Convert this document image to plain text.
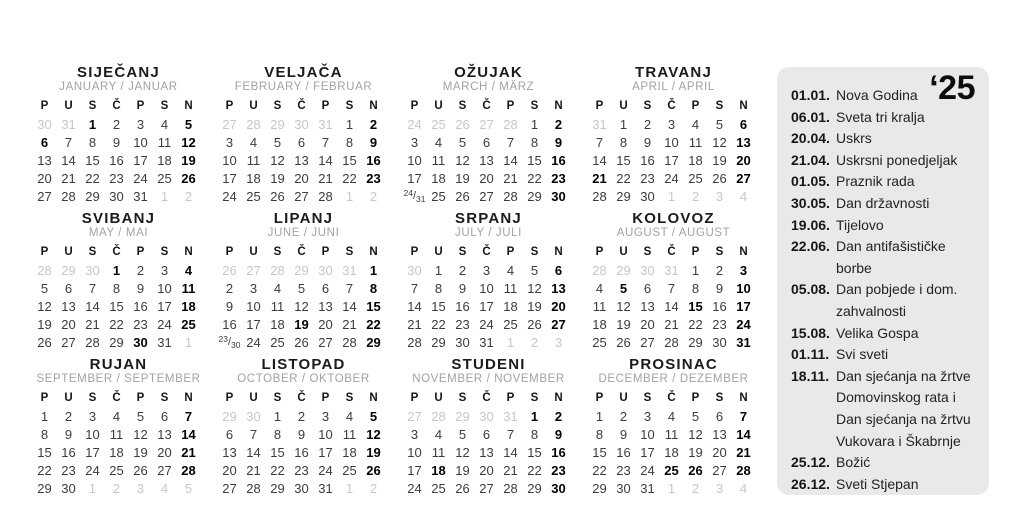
SIJEČANJ
JANUARY / JANUAR
P U S Č P S N
30 31 1 2 3 4 5
6 7 8 9 10 11 12
13 14 15 16 17 18 19
20 21 22 23 24 25 26
27 28 29 30 31 1 2
VELJAČA
FEBRUARY / FEBRUAR
P U S Č P S N
27 28 29 30 31 1 2
3 4 5 6 7 8 9
10 11 12 13 14 15 16
17 18 19 20 21 22 23
24 25 26 27 28 1 2
OŽUJAK
MARCH / MÄRZ
P U S Č P S N
24 25 26 27 28 1 2
3 4 5 6 7 8 9
10 11 12 13 14 15 16
17 18 19 20 21 22 23
$^{24}/_{31}$ 25 26 27 28 29 30
TRAVANJ
APRIL / APRIL
P U S Č P S N
31 1 2 3 4 5 6
7 8 9 10 11 12 13
14 15 16 17 18 19 20
21 22 23 24 25 26 27
28 29 30 1 2 3 4
SVIBANJ
MAY / MAI
P U S Č P S N
28 29 30 1 2 3 4
5 6 7 8 9 10 11
12 13 14 15 16 17 18
19 20 21 22 23 24 25
26 27 28 29 30 31 1
LIPANJ
JUNE / JUNI
P U S Č P S N
26 27 28 29 30 31 1
2 3 4 5 6 7 8
9 10 11 12 13 14 15
16 17 18 19 20 21 22
$^{23}/_{30}$ 24 25 26 27 28 29
SRPANJ
JULY / JULI
P U S Č P S N
30 1 2 3 4 5 6
7 8 9 10 11 12 13
14 15 16 17 18 19 20
21 22 23 24 25 26 27
28 29 30 31 1 2 3
KOLOVOZ
AUGUST / AUGUST
P U S Č P S N
28 29 30 31 1 2 3
4 5 6 7 8 9 10
11 12 13 14 15 16 17
18 19 20 21 22 23 24
25 26 27 28 29 30 31
RUJAN
SEPTEMBER / SEPTEMBER
P U S Č P S N
1 2 3 4 5 6 7
8 9 10 11 12 13 14
15 16 17 18 19 20 21
22 23 24 25 26 27 28
29 30 1 2 3 4 5
LISTOPAD
OCTOBER / OKTOBER
P U S Č P S N
29 30 1 2 3 4 5
6 7 8 9 10 11 12
13 14 15 16 17 18 19
20 21 22 23 24 25 26
27 28 29 30 31 1 2
STUDENI
NOVEMBER / NOVEMBER
P U S Č P S N
27 28 29 30 31 1 2
3 4 5 6 7 8 9
10 11 12 13 14 15 16
17 18 19 20 21 22 23
24 25 26 27 28 29 30
PROSINAC
DECEMBER / DEZEMBER
P U S Č P S N
1 2 3 4 5 6 7
8 9 10 11 12 13 14
15 16 17 18 19 20 21
22 23 24 25 26 27 28
29 30 31 1 2 3 4
‘25
01.01. Nova Godina
06.01. Sveta tri kralja
20.04. Uskrs
21.04. Uskrsni ponedjeljak
01.05. Praznik rada
30.05. Dan državnosti
19.06. Tijelovo
22.06. Dan antifašističke borbe
05.08. Dan pobjede i dom. zahvalnosti
15.08. Velika Gospa
01.11. Svi sveti
18.11. Dan sjećanja na žrtve Domovinskog rata i Dan sjećanja na žrtvu Vukovara i Škabrnje
25.12. Božić
26.12. Sveti Stjepan
